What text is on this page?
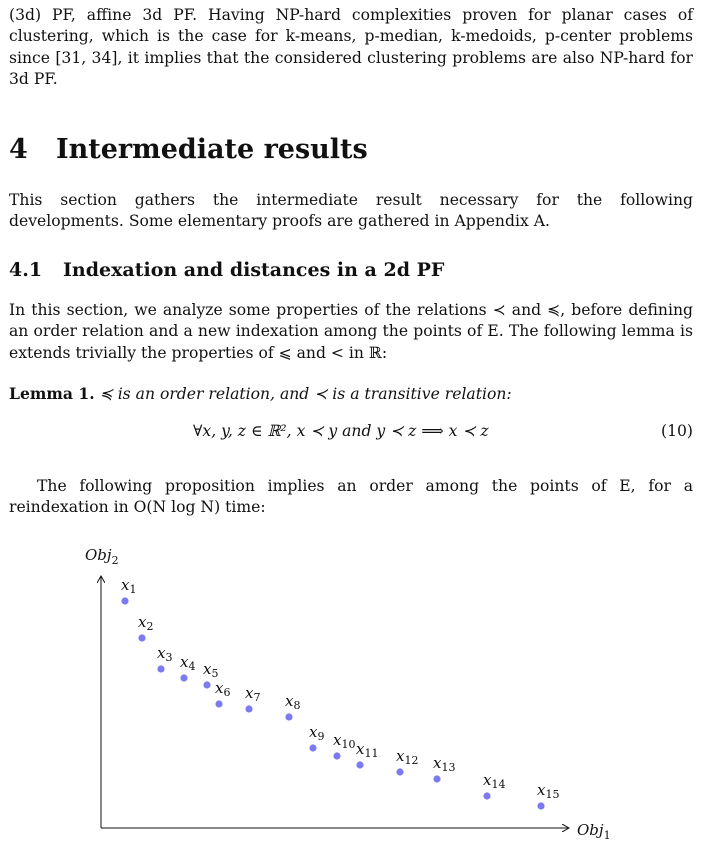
(3d) PF, affine 3d PF. Having NP-hard complexities proven for planar cases of clustering, which is the case for k-means, p-median, k-medoids, p-center problems since [31, 34], it implies that the considered clustering problems are also NP-hard for 3d PF.

4 Intermediate results

This section gathers the intermediate result necessary for the following developments. Some elementary proofs are gathered in Appendix A.

4.1 Indexation and distances in a 2d PF

In this section, we analyze some properties of the relations ≺ and ≼, before defining an order relation and a new indexation among the points of E. The following lemma is extends trivially the properties of ⩽ and < in ℝ:

Lemma 1. ≼ is an order relation, and ≺ is a transitive relation:
∀x, y, z ∈ ℝ², x ≺ y and y ≺ z ⟹ x ≺ z	(10)

The following proposition implies an order among the points of E, for a reindexation in O(N log N) time:

Obj$_2$
Obj$_1$
$x_1$
$x_2$
$x_3$ $x_4$ $x_5$
$x_6$ $x_7$ $x_8$
$x_9$ $x_{10}$ $x_{11}$ $x_{12}$ $x_{13}$
$x_{14}$ $x_{15}$
